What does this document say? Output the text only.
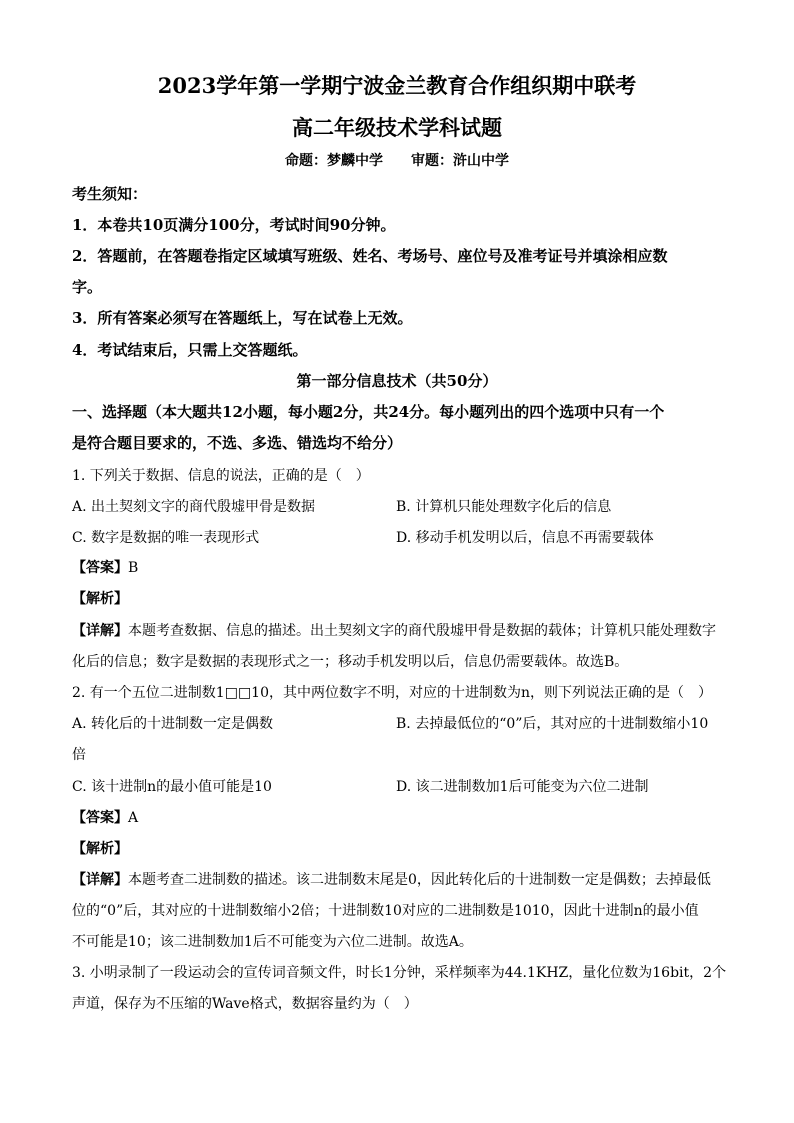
2023学年第一学期宁波金兰教育合作组织期中联考
高二年级技术学科试题
命题：梦麟中学　　审题：浒山中学
考生须知：
1．本卷共10页满分100分，考试时间90分钟。
2．答题前，在答题卷指定区域填写班级、姓名、考场号、座位号及准考证号并填涂相应数
字。
3．所有答案必须写在答题纸上，写在试卷上无效。
4．考试结束后，只需上交答题纸。
第一部分信息技术（共50分）
一、选择题（本大题共12小题，每小题2分，共24分。每小题列出的四个选项中只有一个
是符合题目要求的，不选、多选、错选均不给分）
1. 下列关于数据、信息的说法，正确的是（　）
A. 出土契刻文字的商代殷墟甲骨是数据	B. 计算机只能处理数字化后的信息
C. 数字是数据的唯一表现形式	D. 移动手机发明以后，信息不再需要载体
【答案】B
【解析】
【详解】本题考查数据、信息的描述。出土契刻文字的商代殷墟甲骨是数据的载体；计算机只能处理数字
化后的信息；数字是数据的表现形式之一；移动手机发明以后，信息仍需要载体。故选B。
2. 有一个五位二进制数1□□10，其中两位数字不明，对应的十进制数为n，则下列说法正确的是（　）
A. 转化后的十进制数一定是偶数	B. 去掉最低位的“0”后，其对应的十进制数缩小10
倍
C. 该十进制n的最小值可能是10	D. 该二进制数加1后可能变为六位二进制
【答案】A
【解析】
【详解】本题考查二进制数的描述。该二进制数末尾是0，因此转化后的十进制数一定是偶数；去掉最低
位的“0”后，其对应的十进制数缩小2倍；十进制数10对应的二进制数是1010，因此十进制n的最小值
不可能是10；该二进制数加1后不可能变为六位二进制。故选A。
3. 小明录制了一段运动会的宣传词音频文件，时长1分钟，采样频率为44.1KHZ，量化位数为16bit，2个
声道，保存为不压缩的Wave格式，数据容量约为（　）
